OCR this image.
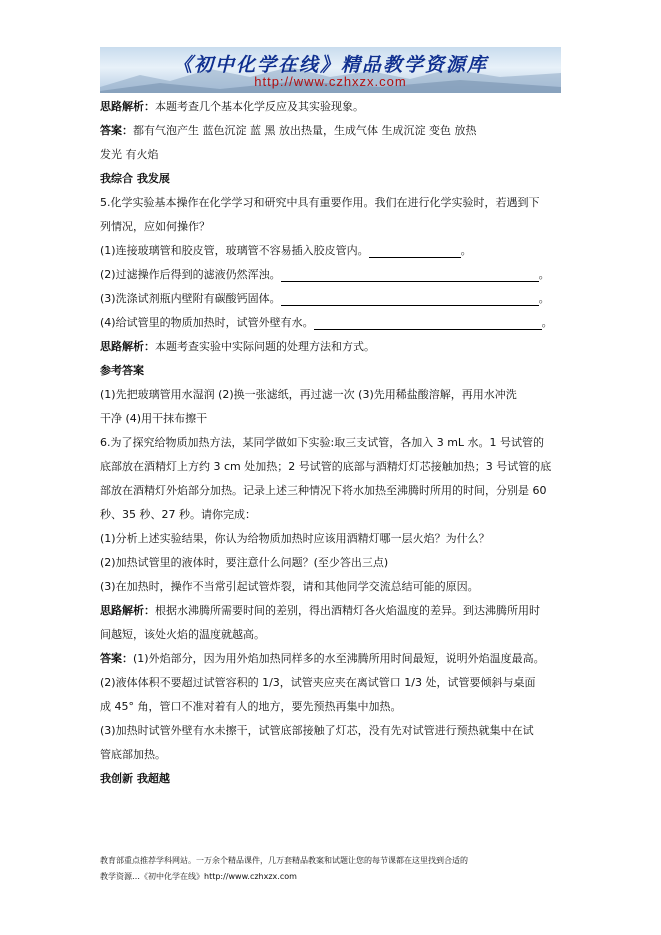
《初中化学在线》精品教学资源库
http://www.czhxzx.com
思路解析：本题考查几个基本化学反应及其实验现象。
答案：都有气泡产生 蓝色沉淀 蓝 黑 放出热量，生成气体 生成沉淀 变色 放热
发光 有火焰
我综合 我发展
5.化学实验基本操作在化学学习和研究中具有重要作用。我们在进行化学实验时，若遇到下
列情况，应如何操作？
(1)连接玻璃管和胶皮管，玻璃管不容易插入胶皮管内。	。
(2)过滤操作后得到的滤液仍然浑浊。	。
(3)洗涤试剂瓶内壁附有碳酸钙固体。	。
(4)给试管里的物质加热时，试管外壁有水。	。
思路解析：本题考查实验中实际问题的处理方法和方式。
参考答案
(1)先把玻璃管用水湿润 (2)换一张滤纸，再过滤一次 (3)先用稀盐酸溶解，再用水冲洗
干净 (4)用干抹布擦干
6.为了探究给物质加热方法，某同学做如下实验:取三支试管，各加入 3 mL 水。1 号试管的
底部放在酒精灯上方约 3 cm 处加热；2 号试管的底部与酒精灯灯芯接触加热；3 号试管的底
部放在酒精灯外焰部分加热。记录上述三种情况下将水加热至沸腾时所用的时间，分别是 60
秒、35 秒、27 秒。请你完成：
(1)分析上述实验结果，你认为给物质加热时应该用酒精灯哪一层火焰？为什么？
(2)加热试管里的液体时，要注意什么问题？(至少答出三点)
(3)在加热时，操作不当常引起试管炸裂，请和其他同学交流总结可能的原因。
思路解析：根据水沸腾所需要时间的差别，得出酒精灯各火焰温度的差异。到达沸腾所用时
间越短，该处火焰的温度就越高。
答案：(1)外焰部分，因为用外焰加热同样多的水至沸腾所用时间最短，说明外焰温度最高。
(2)液体体积不要超过试管容积的 1/3，试管夹应夹在离试管口 1/3 处，试管要倾斜与桌面
成 45° 角，管口不准对着有人的地方，要先预热再集中加热。
(3)加热时试管外壁有水未擦干，试管底部接触了灯芯，没有先对试管进行预热就集中在试
管底部加热。
我创新 我超越
教育部重点推荐学科网站。一万余个精品课件，几万套精品教案和试题让您的每节课都在这里找到合适的
教学资源…《初中化学在线》http://www.czhxzx.com
